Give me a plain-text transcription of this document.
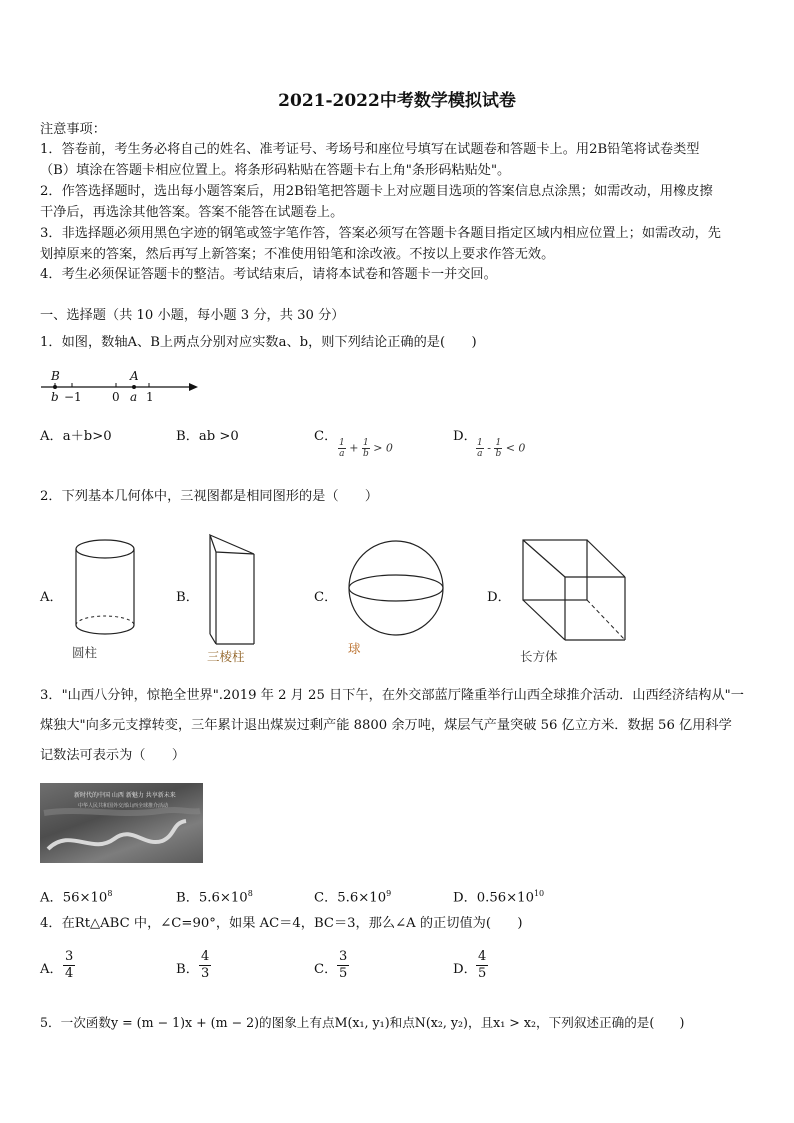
2021-2022中考数学模拟试卷
注意事项：
1．答卷前，考生务必将自己的姓名、准考证号、考场号和座位号填写在试题卷和答题卡上。用2B铅笔将试卷类型
（B）填涂在答题卡相应位置上。将条形码粘贴在答题卡右上角"条形码粘贴处"。
2．作答选择题时，选出每小题答案后，用2B铅笔把答题卡上对应题目选项的答案信息点涂黑；如需改动，用橡皮擦
干净后，再选涂其他答案。答案不能答在试题卷上。
3．非选择题必须用黑色字迹的钢笔或签字笔作答，答案必须写在答题卡各题目指定区域内相应位置上；如需改动，先
划掉原来的答案，然后再写上新答案；不准使用铅笔和涂改液。不按以上要求作答无效。
4．考生必须保证答题卡的整洁。考试结束后，请将本试卷和答题卡一并交回。
一、选择题（共 10 小题，每小题 3 分，共 30 分）
1．如图，数轴A、B上两点分别对应实数a、b，则下列结论正确的是(　　)
B	A
b −1	0 a 1
A．a＋b>0	B．ab >0	C．
$\frac{1}{a} + \frac{1}{b} > 0$
D．
$\frac{1}{a} - \frac{1}{b} < 0$
2．下列基本几何体中，三视图都是相同图形的是（　　）
A．
圆柱
B．
三棱柱
C．
球
D．
长方体
3．"山西八分钟，惊艳全世界".2019 年 2 月 25 日下午，在外交部蓝厅隆重举行山西全球推介活动．山西经济结构从"一
煤独大"向多元支撑转变，三年累计退出煤炭过剩产能 8800 余万吨，煤层气产量突破 56 亿立方米．数据 56 亿用科学
记数法可表示为（　　）
新时代的中国 山西 新魅力 共享新未来
中华人民共和国外交部山西全球推介活动
A．$56\times 10^8$	B．$5.6\times 10^8$	C．$5.6\times 10^9$	D．$0.56\times 10^{10}$
4．在Rt△ABC 中，∠C=90°，如果 AC＝4，BC＝3，那么∠A 的正切值为(　　)
A． $\frac{3}{4}$	B． $\frac{4}{3}$	C． $\frac{3}{5}$	D． $\frac{4}{5}$
5．一次函数y = (m − 1)x + (m − 2)的图象上有点M(x₁, y₁)和点N(x₂, y₂)，且x₁ > x₂，下列叙述正确的是(　　)
